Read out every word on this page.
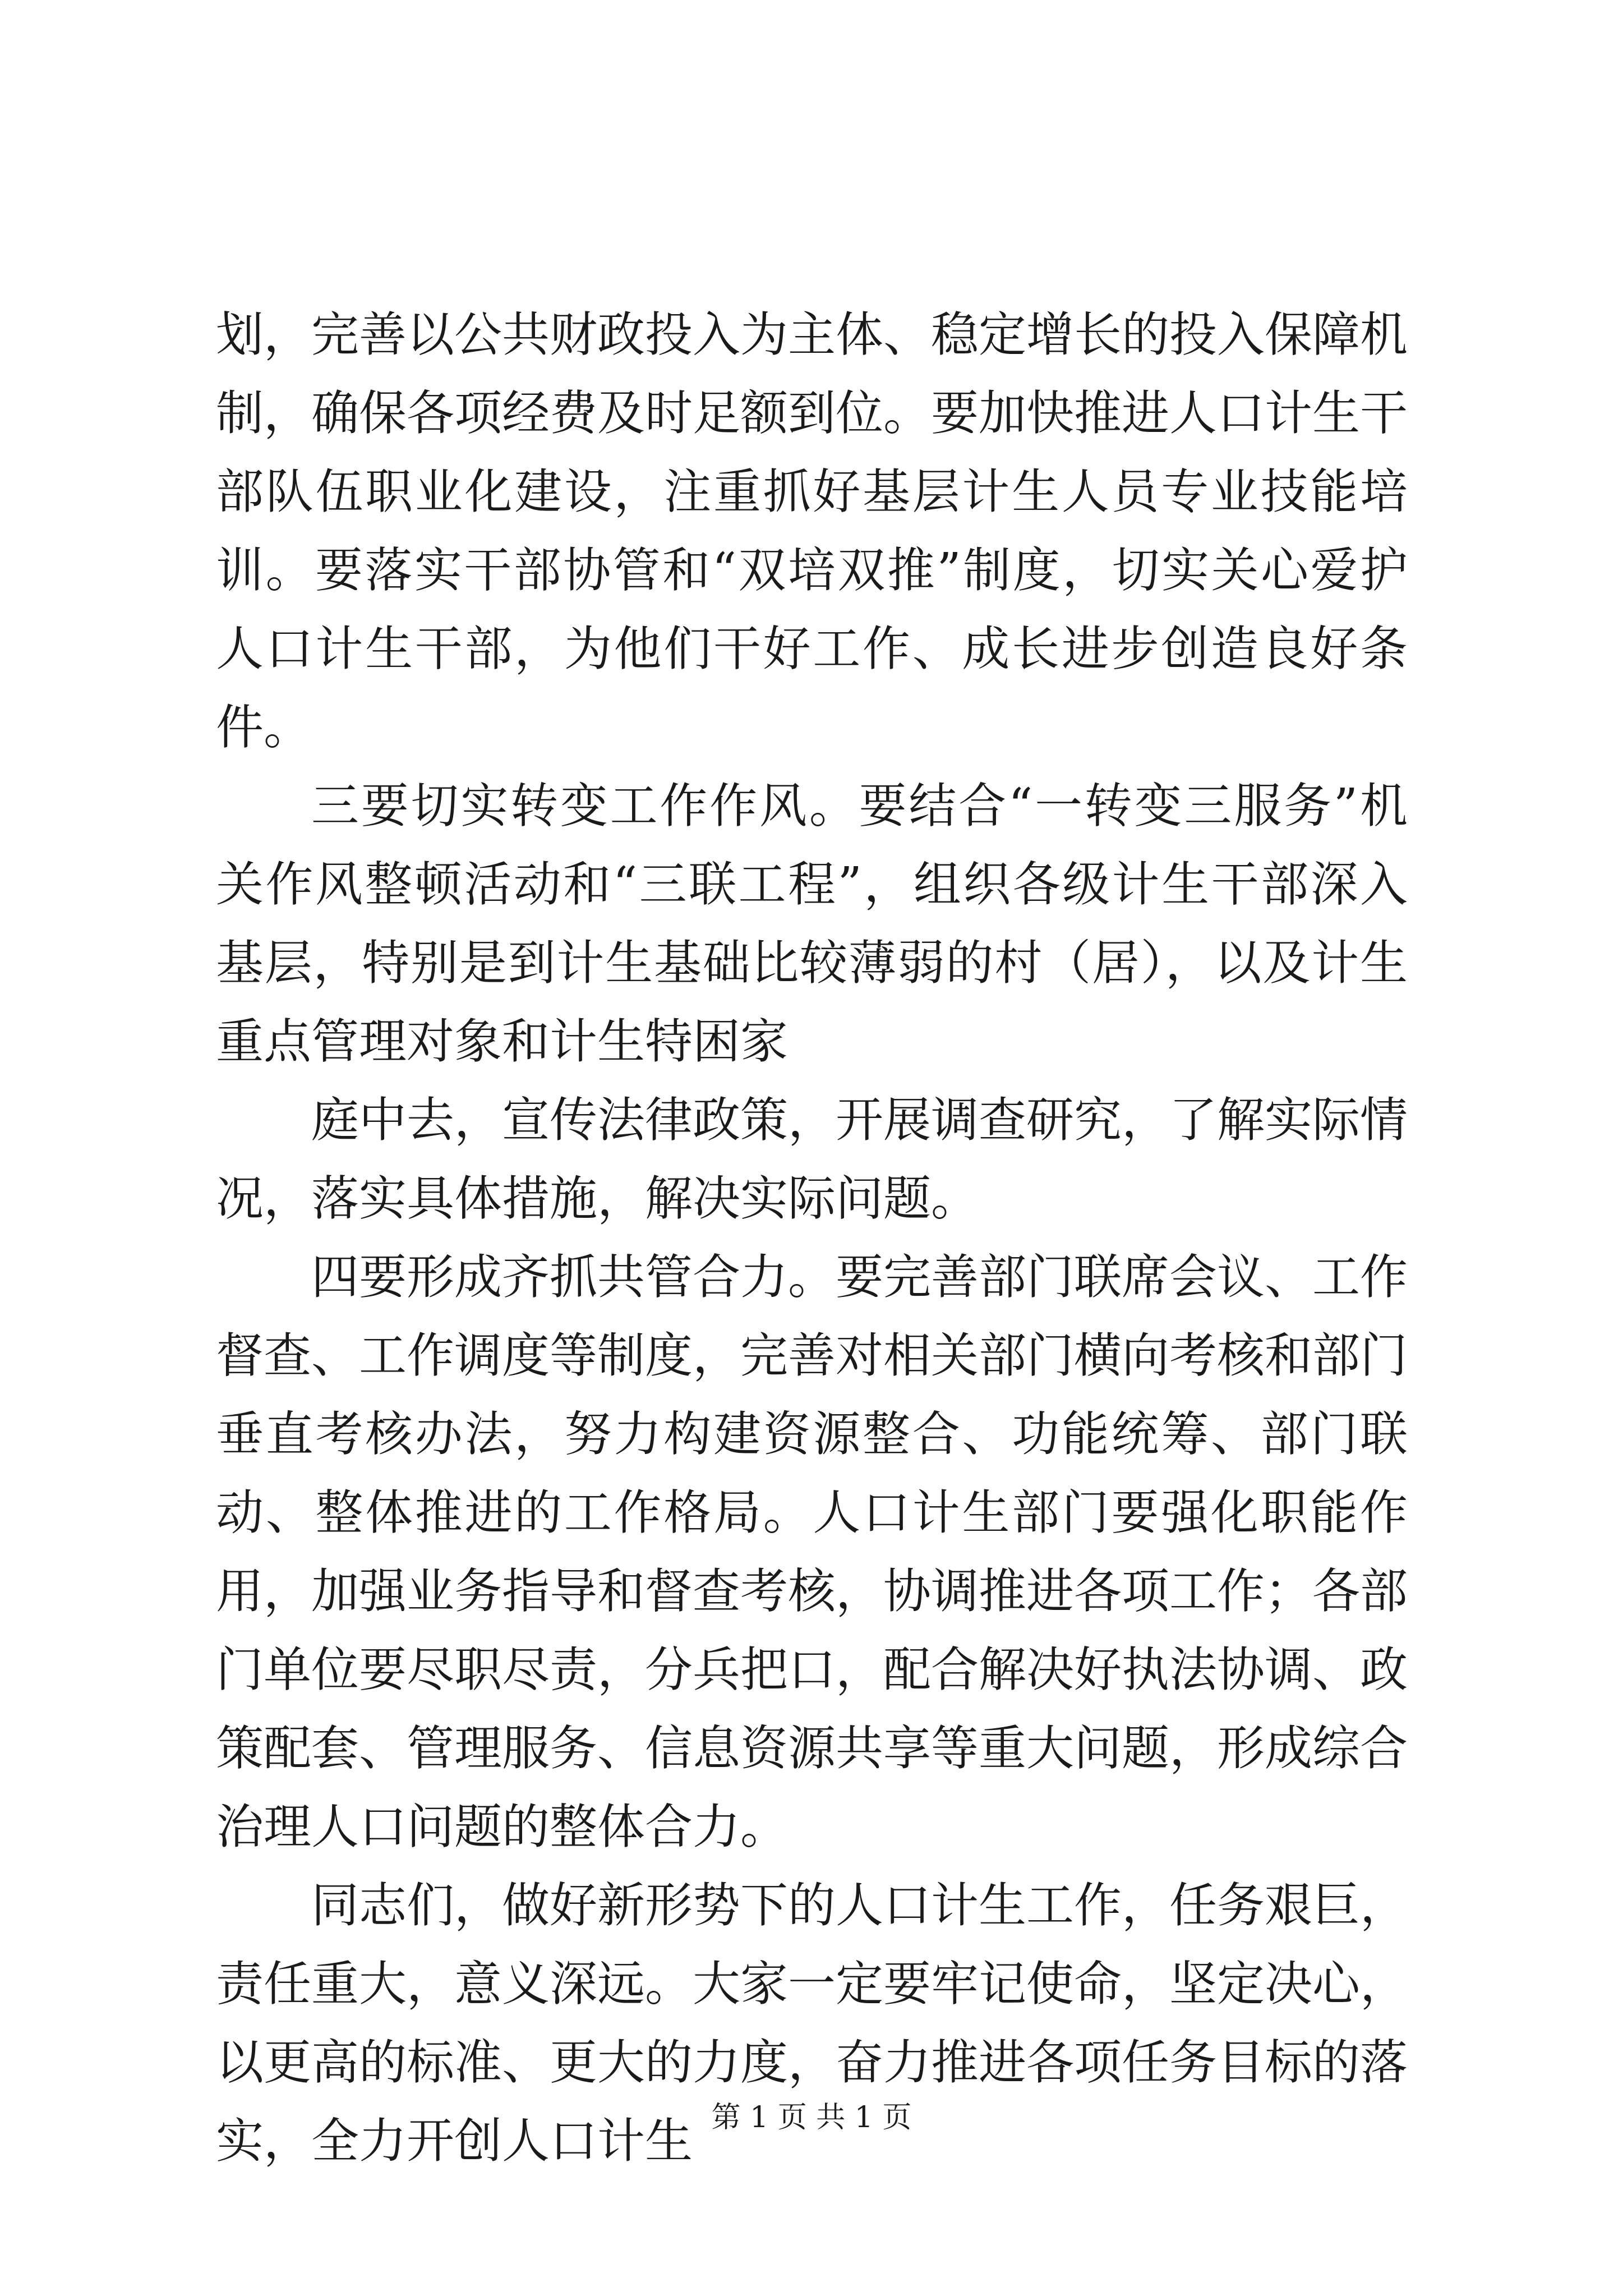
划，完善以公共财政投入为主体、稳定增长的投入保障机制，确保各项经费及时足额到位。要加快推进人口计生干部队伍职业化建设，注重抓好基层计生人员专业技能培训。要落实干部协管和“双培双推”制度，切实关心爱护人口计生干部，为他们干好工作、成长进步创造良好条件。

三要切实转变工作作风。要结合“一转变三服务”机关作风整顿活动和“三联工程”，组织各级计生干部深入基层，特别是到计生基础比较薄弱的村（居），以及计生重点管理对象和计生特困家

庭中去，宣传法律政策，开展调查研究，了解实际情况，落实具体措施，解决实际问题。

四要形成齐抓共管合力。要完善部门联席会议、工作督查、工作调度等制度，完善对相关部门横向考核和部门垂直考核办法，努力构建资源整合、功能统筹、部门联动、整体推进的工作格局。人口计生部门要强化职能作用，加强业务指导和督查考核，协调推进各项工作；各部门单位要尽职尽责，分兵把口，配合解决好执法协调、政策配套、管理服务、信息资源共享等重大问题，形成综合治理人口问题的整体合力。

同志们，做好新形势下的人口计生工作，任务艰巨，责任重大，意义深远。大家一定要牢记使命，坚定决心，以更高的标准、更大的力度，奋力推进各项任务目标的落实，全力开创人口计生 第 1 页 共 1 页
